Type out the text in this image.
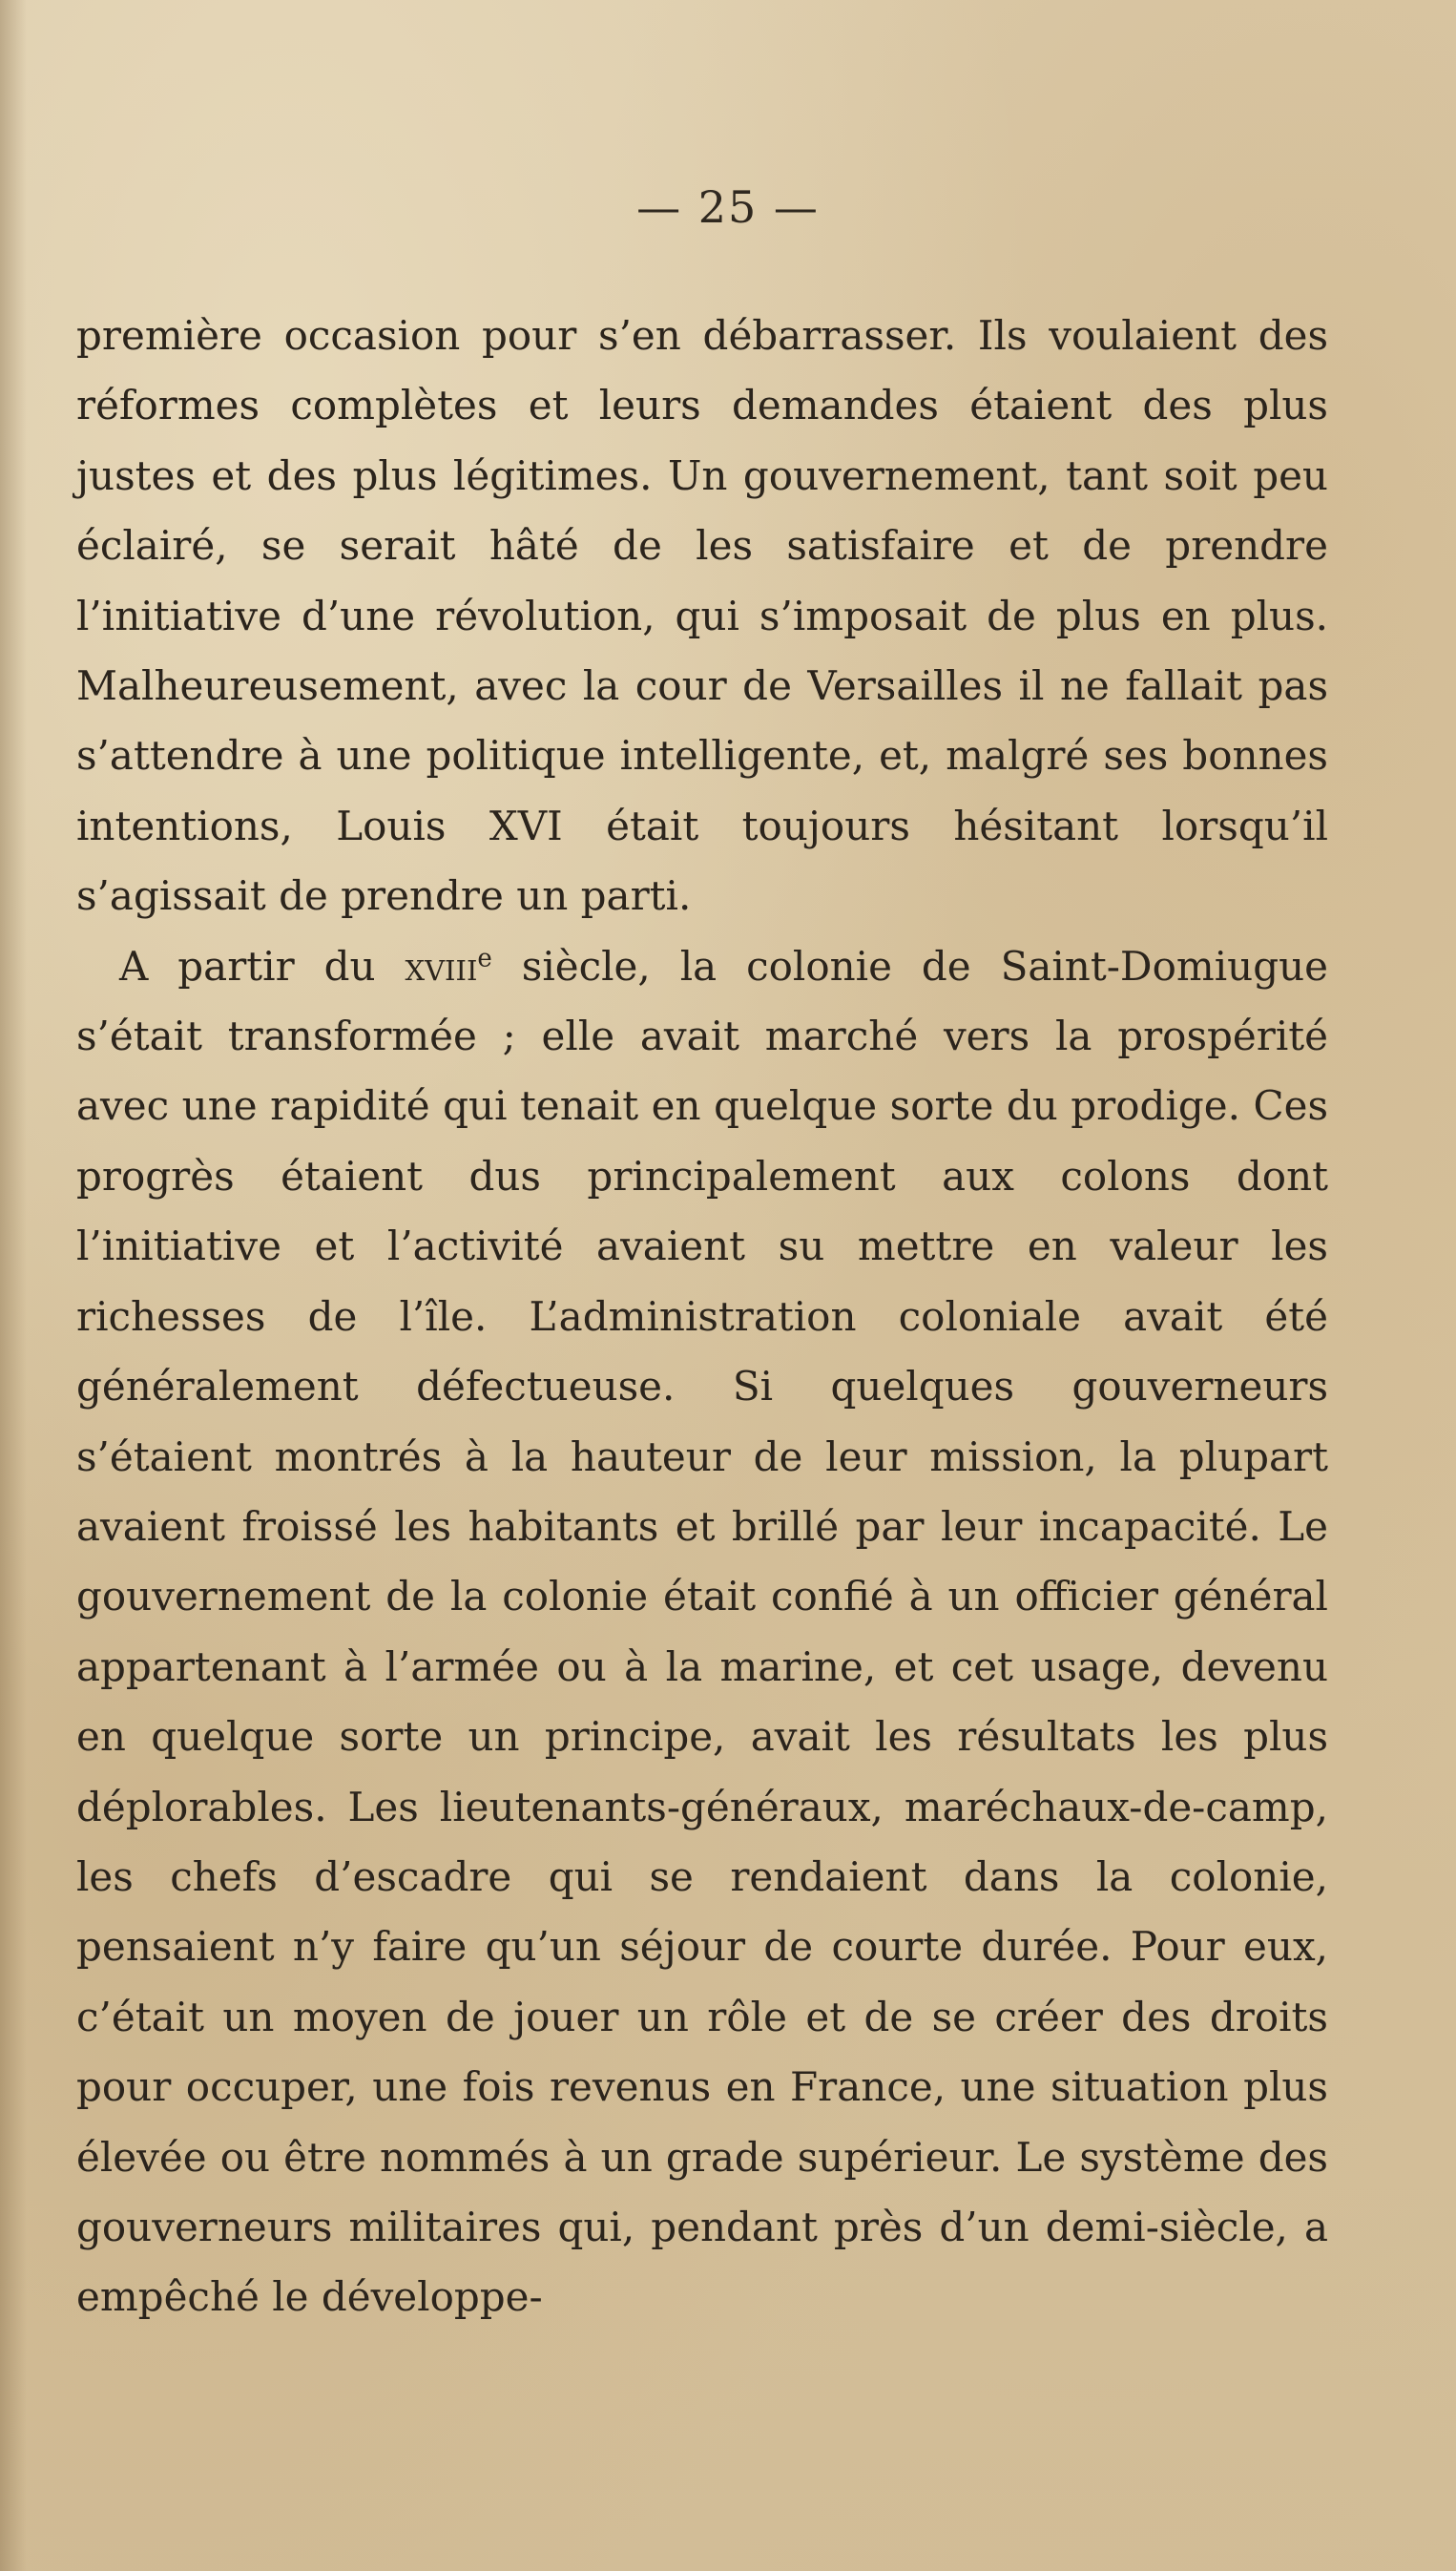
— 25 —

première occasion pour s’en débarrasser. Ils voulaient des réformes complètes et leurs demandes étaient des plus justes et des plus légitimes. Un gouvernement, tant soit peu éclairé, se serait hâté de les satisfaire et de prendre l’initiative d’une révolution, qui s’imposait de plus en plus. Malheureusement, avec la cour de Versailles il ne fallait pas s’attendre à une politique intelligente, et, malgré ses bonnes intentions, Louis XVI était toujours hésitant lorsqu’il s’agissait de prendre un parti.

A partir du xviii$^e$ siècle, la colonie de Saint-Domiugue s’était transformée ; elle avait marché vers la prospérité avec une rapidité qui tenait en quelque sorte du prodige. Ces progrès étaient dus principalement aux colons dont l’initiative et l’activité avaient su mettre en valeur les richesses de l’île. L’administration coloniale avait été généralement défectueuse. Si quelques gouverneurs s’étaient montrés à la hauteur de leur mission, la plupart avaient froissé les habitants et brillé par leur incapacité. Le gouvernement de la colonie était confié à un officier général appartenant à l’armée ou à la marine, et cet usage, devenu en quelque sorte un principe, avait les résultats les plus déplorables. Les lieutenants-généraux, maréchaux-de-camp, les chefs d’escadre qui se rendaient dans la colonie, pensaient n’y faire qu’un séjour de courte durée. Pour eux, c’était un moyen de jouer un rôle et de se créer des droits pour occuper, une fois revenus en France, une situation plus élevée ou être nommés à un grade supérieur. Le système des gouverneurs militaires qui, pendant près d’un demi-siècle, a empêché le développe-
